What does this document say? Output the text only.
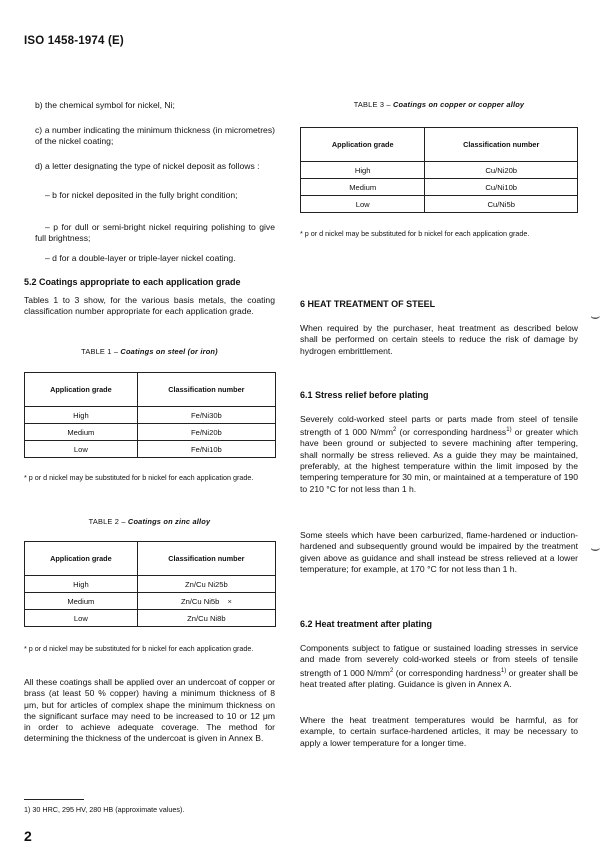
ISO 1458-1974 (E)

b) the chemical symbol for nickel, Ni;

c) a number indicating the minimum thickness (in micrometres) of the nickel coating;

d) a letter designating the type of nickel deposit as follows :

– b for nickel deposited in the fully bright condition;

– p for dull or semi-bright nickel requiring polishing to give full brightness;

– d for a double-layer or triple-layer nickel coating.

5.2 Coatings appropriate to each application grade

Tables 1 to 3 show, for the various basis metals, the coating classification number appropriate for each application grade.

TABLE 1 – Coatings on steel (or iron)
Application grade	Classification number
High	Fe/Ni30b
Medium	Fe/Ni20b
Low	Fe/Ni10b

* p or d nickel may be substituted for b nickel for each application grade.

TABLE 2 – Coatings on zinc alloy
Application grade	Classification number
High	Zn/Cu Ni25b
Medium	Zn/Cu Ni5b ×
Low	Zn/Cu Ni8b

* p or d nickel may be substituted for b nickel for each application grade.

All these coatings shall be applied over an undercoat of copper or brass (at least 50 % copper) having a minimum thickness of 8 μm, but for articles of complex shape the minimum thickness on the significant surface may need to be increased to 10 or 12 μm in order to achieve adequate coverage. The method for determining the thickness of the undercoat is given in Annex B.

TABLE 3 – Coatings on copper or copper alloy
Application grade	Classification number
High	Cu/Ni20b
Medium	Cu/Ni10b
Low	Cu/Ni5b

* p or d nickel may be substituted for b nickel for each application grade.

6 HEAT TREATMENT OF STEEL

When required by the purchaser, heat treatment as described below shall be performed on certain steels to reduce the risk of damage by hydrogen embrittlement.

6.1 Stress relief before plating

Severely cold-worked steel parts or parts made from steel of tensile strength of 1 000 $N/mm^2$ (or corresponding hardness$^{1)}$ or greater which have been ground or subjected to severe machining after tempering, shall normally be stress relieved. As a guide they may be maintained, preferably, at the highest temperature within the limit imposed by the tempering temperature for 30 min, or maintained at a temperature of 190 to 210 °C for not less than 1 h.

Some steels which have been carburized, flame-hardened or induction-hardened and subsequently ground would be impaired by the treatment given above as guidance and shall instead be stress relieved at a lower temperature; for example, at 170 °C for not less than 1 h.

6.2 Heat treatment after plating

Components subject to fatigue or sustained loading stresses in service and made from severely cold-worked steels or from steels of tensile strength of 1 000 $N/mm^2$ (or corresponding hardness$^{1)}$ or greater shall be heat treated after plating. Guidance is given in Annex A.

Where the heat treatment temperatures would be harmful, as for example, to certain surface-hardened articles, it may be necessary to apply a lower temperature for a longer time.

⌣
⌣
1) 30 HRC, 295 HV, 280 HB (approximate values).
2
